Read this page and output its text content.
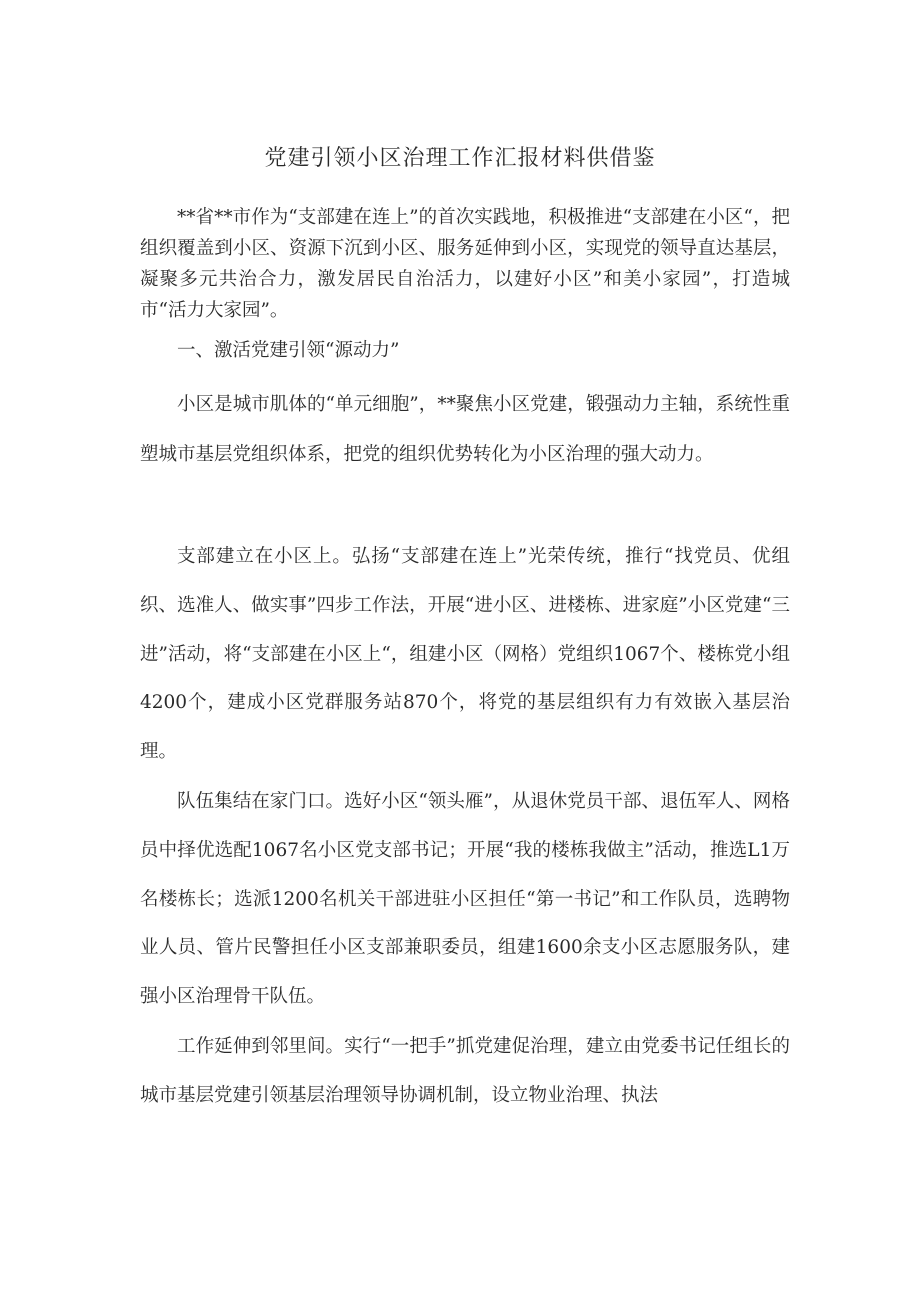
党建引领小区治理工作汇报材料供借鉴

**省**市作为“支部建在连上”的首次实践地，积极推进“支部建在小区“，把组织覆盖到小区、资源下沉到小区、服务延伸到小区，实现党的领导直达基层，凝聚多元共治合力，激发居民自治活力，以建好小区”和美小家园”，打造城市“活力大家园”。

一、激活党建引领“源动力”

小区是城市肌体的“单元细胞”，**聚焦小区党建，锻强动力主轴，系统性重塑城市基层党组织体系，把党的组织优势转化为小区治理的强大动力。

支部建立在小区上。弘扬“支部建在连上”光荣传统，推行“找党员、优组织、选准人、做实事”四步工作法，开展“进小区、进楼栋、进家庭”小区党建“三进”活动，将“支部建在小区上“，组建小区（网格）党组织1067个、楼栋党小组4200个，建成小区党群服务站870个，将党的基层组织有力有效嵌入基层治理。

队伍集结在家门口。选好小区“领头雁”，从退休党员干部、退伍军人、网格员中择优选配1067名小区党支部书记；开展“我的楼栋我做主”活动，推选L1万名楼栋长；选派1200名机关干部进驻小区担任“第一书记”和工作队员，选聘物业人员、管片民警担任小区支部兼职委员，组建1600余支小区志愿服务队，建强小区治理骨干队伍。

工作延伸到邻里间。实行“一把手”抓党建促治理，建立由党委书记任组长的城市基层党建引领基层治理领导协调机制，设立物业治理、执法
